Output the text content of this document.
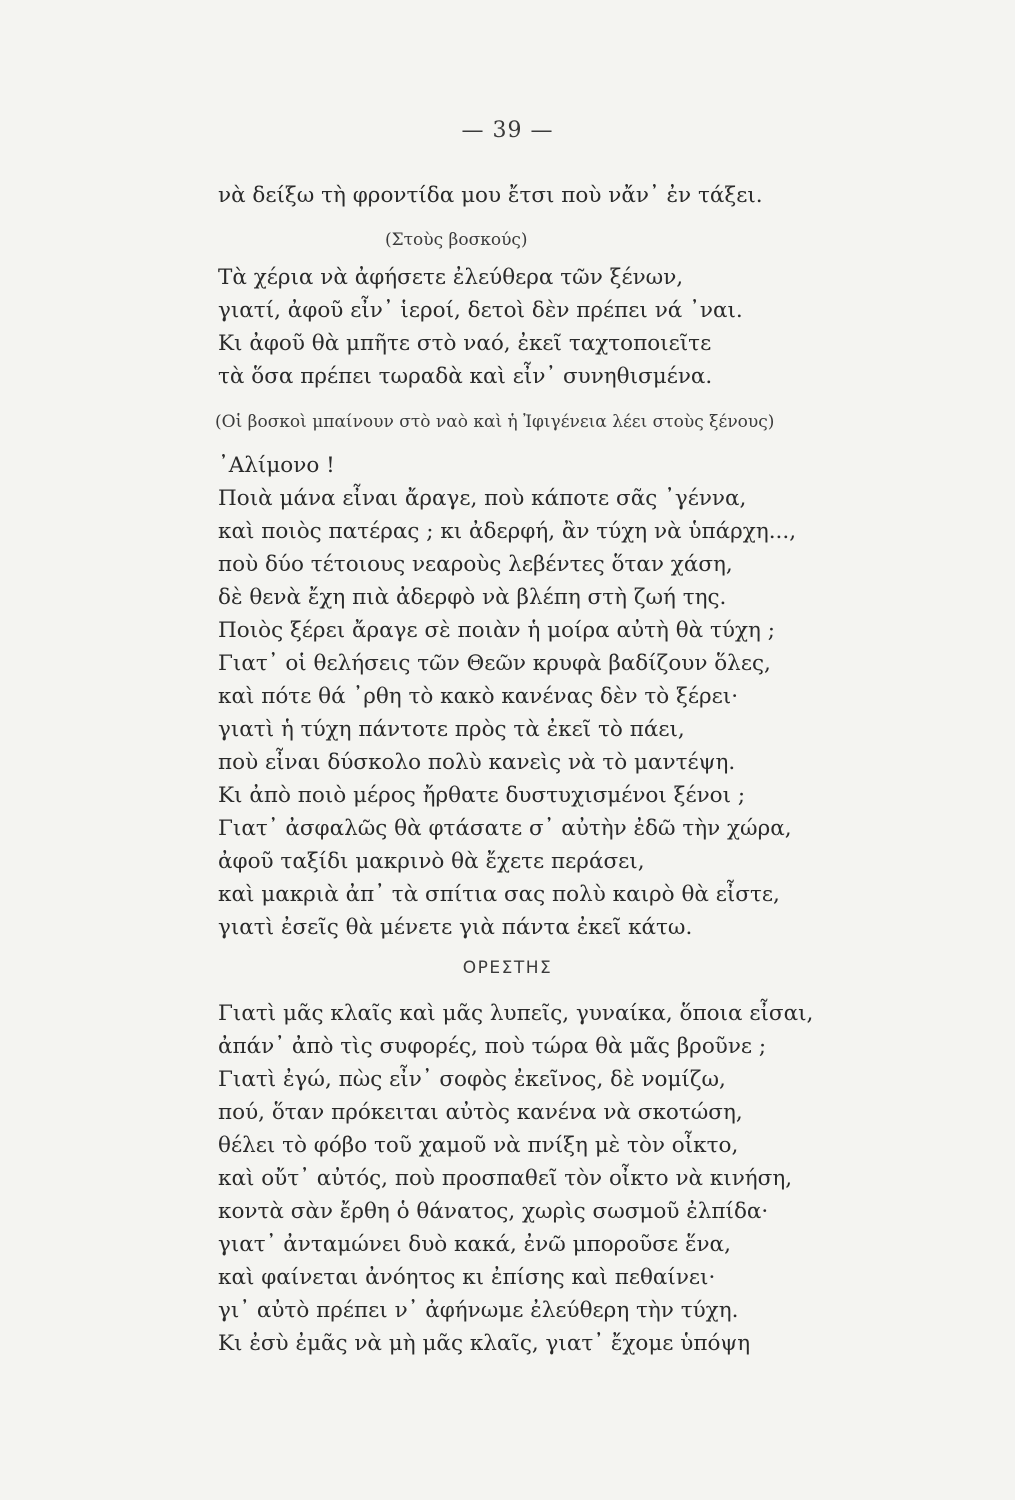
— 39 —
νὰ δείξω τὴ φροντίδα μου ἔτσι ποὺ νἄν᾿ ἐν τάξει.
(Στοὺς βοσκούς)
Τὰ χέρια νὰ ἀφήσετε ἐλεύθερα τῶν ξένων,
γιατί, ἀφοῦ εἶν᾿ ἱεροί, δετοὶ δὲν πρέπει νά ᾿ναι.
Κι ἀφοῦ θὰ μπῆτε στὸ ναό, ἐκεῖ ταχτοποιεῖτε
τὰ ὅσα πρέπει τωραδὰ καὶ εἶν᾿ συνηθισμένα.
(Οἱ βοσκοὶ μπαίνουν στὸ ναὸ καὶ ἡ Ἰφιγένεια λέει στοὺς ξένους)
᾿Αλίμονο !
Ποιὰ μάνα εἶναι ἄραγε, ποὺ κάποτε σᾶς ᾿γέννα,
καὶ ποιὸς πατέρας ; κι ἀδερφή, ἂν τύχη νὰ ὑπάρχη...,
ποὺ δύο τέτοιους νεαροὺς λεβέντες ὅταν χάση,
δὲ θενὰ ἔχη πιὰ ἀδερφὸ νὰ βλέπη στὴ ζωή της.
Ποιὸς ξέρει ἄραγε σὲ ποιὰν ἡ μοίρα αὐτὴ θὰ τύχη ;
Γιατ᾿ οἱ θελήσεις τῶν Θεῶν κρυφὰ βαδίζουν ὅλες,
καὶ πότε θά ᾿ρθη τὸ κακὸ κανένας δὲν τὸ ξέρει·
γιατὶ ἡ τύχη πάντοτε πρὸς τὰ ἐκεῖ τὸ πάει,
ποὺ εἶναι δύσκολο πολὺ κανεὶς νὰ τὸ μαντέψη.
Κι ἀπὸ ποιὸ μέρος ἤρθατε δυστυχισμένοι ξένοι ;
Γιατ᾿ ἀσφαλῶς θὰ φτάσατε σ᾿ αὐτὴν ἐδῶ τὴν χώρα,
ἀφοῦ ταξίδι μακρινὸ θὰ ἔχετε περάσει,
καὶ μακριὰ ἀπ᾿ τὰ σπίτια σας πολὺ καιρὸ θὰ εἶστε,
γιατὶ ἐσεῖς θὰ μένετε γιὰ πάντα ἐκεῖ κάτω.
ΟΡΕΣΤΗΣ
Γιατὶ μᾶς κλαῖς καὶ μᾶς λυπεῖς, γυναίκα, ὅποια εἶσαι,
ἀπάν᾿ ἀπὸ τὶς συφορές, ποὺ τώρα θὰ μᾶς βροῦνε ;
Γιατὶ ἐγώ, πὼς εἶν᾿ σοφὸς ἐκεῖνος, δὲ νομίζω,
πού, ὅταν πρόκειται αὐτὸς κανένα νὰ σκοτώση,
θέλει τὸ φόβο τοῦ χαμοῦ νὰ πνίξη μὲ τὸν οἶκτο,
καὶ οὔτ᾿ αὐτός, ποὺ προσπαθεῖ τὸν οἶκτο νὰ κινήση,
κοντὰ σὰν ἔρθη ὁ θάνατος, χωρὶς σωσμοῦ ἐλπίδα·
γιατ᾿ ἀνταμώνει δυὸ κακά, ἐνῶ μποροῦσε ἕνα,
καὶ φαίνεται ἀνόητος κι ἐπίσης καὶ πεθαίνει·
γι᾿ αὐτὸ πρέπει ν᾿ ἀφήνωμε ἐλεύθερη τὴν τύχη.
Κι ἐσὺ ἐμᾶς νὰ μὴ μᾶς κλαῖς, γιατ᾿ ἔχομε ὑπόψη
